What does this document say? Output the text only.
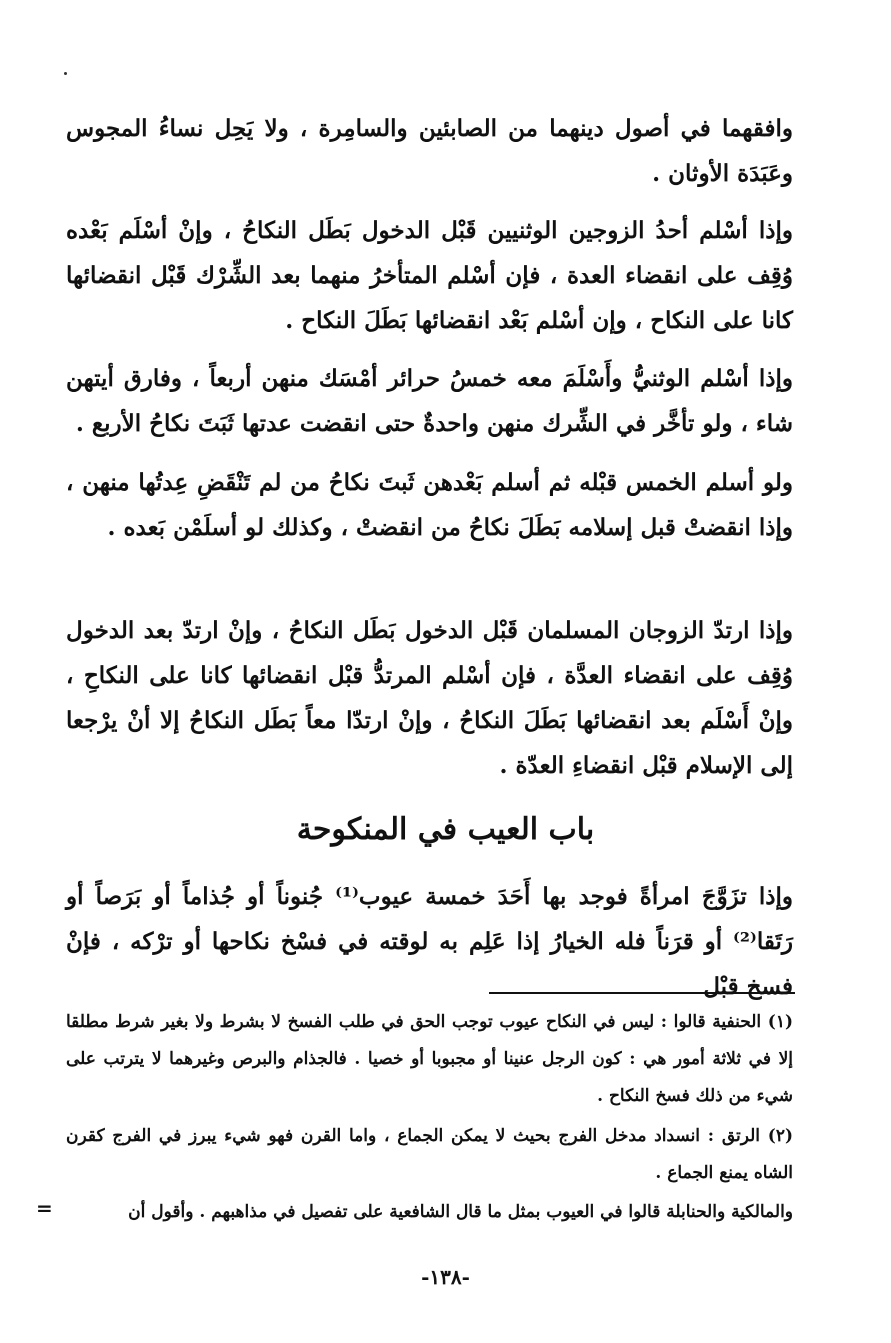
وافقهما في أصول دينهما من الصابئين والسامِرة ، ولا يَحِل نساءُ المجوس وعَبَدَة الأوثان .

وإذا أسْلم أحدُ الزوجين الوثنيين قَبْل الدخول بَطَل النكاحُ ، وإنْ أسْلَم بَعْده وُقِف على انقضاء العدة ، فإن أسْلم المتأخرُ منهما بعد الشِّرْك قَبْل انقضائها كانا على النكاح ، وإن أسْلم بَعْد انقضائها بَطَلَ النكاح .

وإذا أسْلم الوثنيُّ وأَسْلَمَ معه خمسُ حرائر أمْسَك منهن أربعاً ، وفارق أيتهن شاء ، ولو تأخَّر في الشِّرك منهن واحدةٌ حتى انقضت عدتها ثَبَتَ نكاحُ الأربع .

ولو أسلم الخمس قبْله ثم أسلم بَعْدهن ثَبتَ نكاحُ من لم تَنْقَضِ عِدتُها منهن ، وإذا انقضتْ قبل إسلامه بَطَلَ نكاحُ من انقضتْ ، وكذلك لو أسلَمْن بَعده .

وإذا ارتدّ الزوجان المسلمان قَبْل الدخول بَطَل النكاحُ ، وإنْ ارتدّ بعد الدخول وُقِف على انقضاء العدَّة ، فإن أسْلم المرتدُّ قبْل انقضائها كانا على النكاحِ ، وإنْ أَسْلَم بعد انقضائها بَطَلَ النكاحُ ، وإنْ ارتدّا معاً بَطَل النكاحُ إلا أنْ يرْجعا إلى الإسلام قبْل انقضاءِ العدّة .

باب العيب في المنكوحة

وإذا تزَوَّجَ امرأةً فوجد بها أَحَدَ خمسة عيوب⁽¹⁾ جُنوناً أو جُذاماً أو بَرَصاً أو رَتَقا⁽²⁾ أو قرَناً فله الخيارُ إذا عَلِم به لوقته في فسْخ نكاحها أو ترْكه ، فإنْ فسخ قبْل

(١) الحنفية قالوا : ليس في النكاح عيوب توجب الحق في طلب الفسخ لا بشرط ولا بغير شرط مطلقا إلا في ثلاثة أمور هي : كون الرجل عنينا أو مجبوبا أو خصيا . فالجذام والبرص وغيرهما لا يترتب على شيء من ذلك فسخ النكاح .

(٢) الرتق : انسداد مدخل الفرج بحيث لا يمكن الجماع ، واما القرن فهو شيء يبرز في الفرج كقرن الشاه يمنع الجماع .

والمالكية والحنابلة قالوا في العيوب بمثل ما قال الشافعية على تفصيل في مذاهبهم . وأقول أن

=
-١٣٨-
